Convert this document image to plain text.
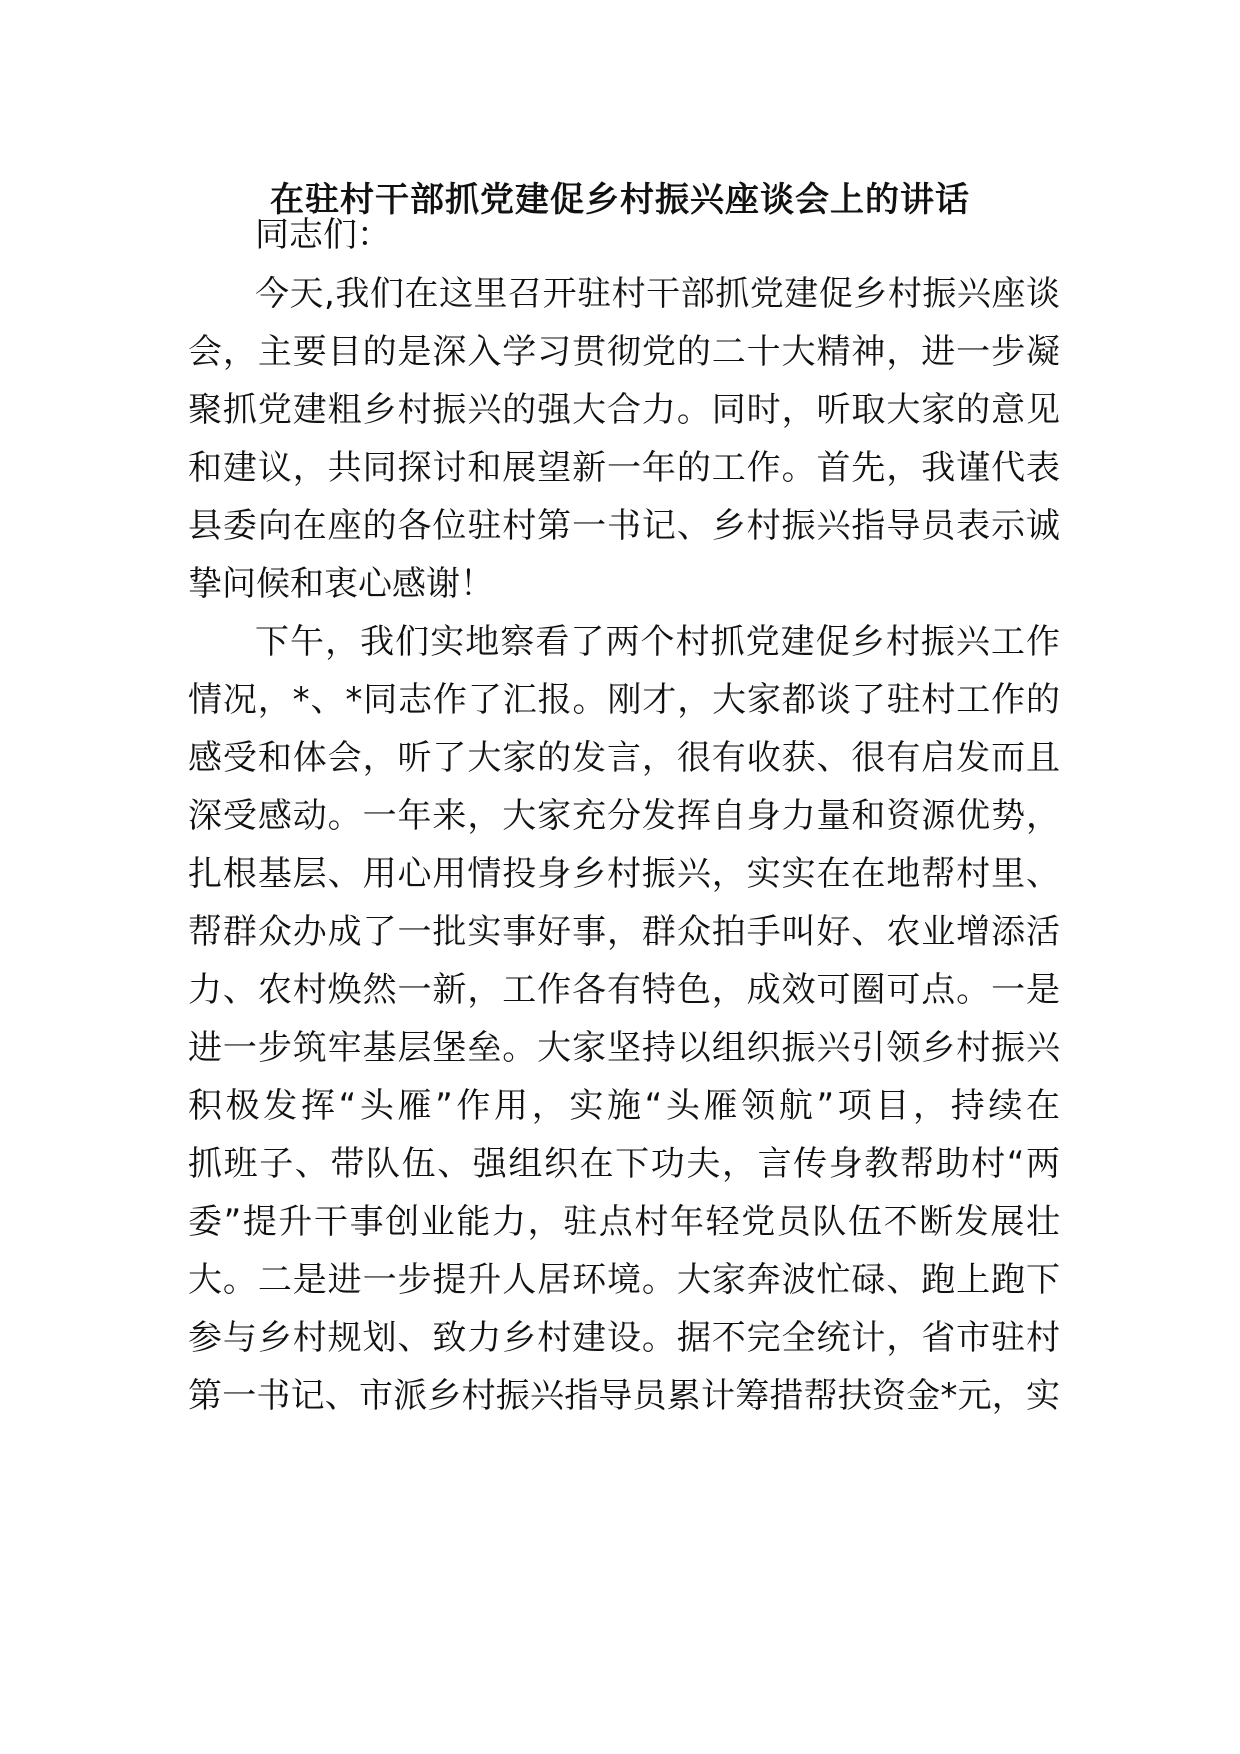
在驻村干部抓党建促乡村振兴座谈会上的讲话
同志们：
今天,我们在这里召开驻村干部抓党建促乡村振兴座谈
会，主要目的是深入学习贯彻党的二十大精神，进一步凝
聚抓党建粗乡村振兴的强大合力。同时，听取大家的意见
和建议，共同探讨和展望新一年的工作。首先，我谨代表
县委向在座的各位驻村第一书记、乡村振兴指导员表示诚
挚问候和衷心感谢！
下午，我们实地察看了两个村抓党建促乡村振兴工作
情况，*、*同志作了汇报。刚才，大家都谈了驻村工作的
感受和体会，听了大家的发言，很有收获、很有启发而且
深受感动。一年来，大家充分发挥自身力量和资源优势，
扎根基层、用心用情投身乡村振兴，实实在在地帮村里、
帮群众办成了一批实事好事，群众拍手叫好、农业增添活
力、农村焕然一新，工作各有特色，成效可圈可点。一是
进一步筑牢基层堡垒。大家坚持以组织振兴引领乡村振兴
积极发挥“头雁”作用，实施“头雁领航”项目，持续在
抓班子、带队伍、强组织在下功夫，言传身教帮助村“两
委”提升干事创业能力，驻点村年轻党员队伍不断发展壮
大。二是进一步提升人居环境。大家奔波忙碌、跑上跑下
参与乡村规划、致力乡村建设。据不完全统计，省市驻村
第一书记、市派乡村振兴指导员累计筹措帮扶资金*元，实
